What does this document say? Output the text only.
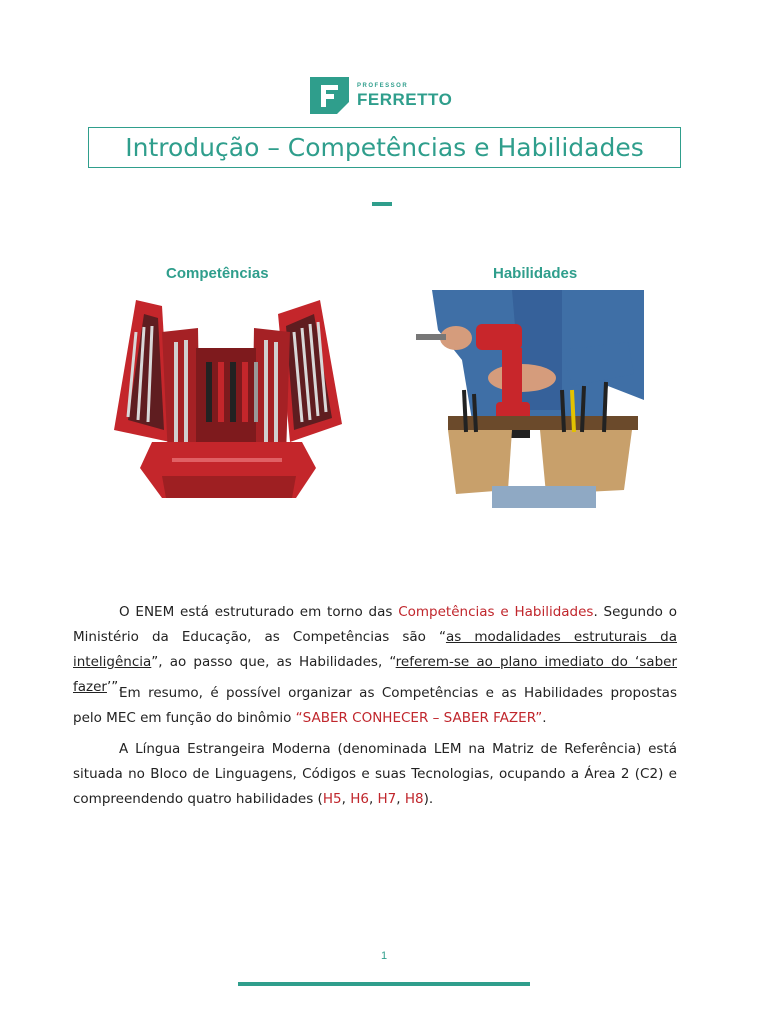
PROFESSOR
FERRETTO
Introdução – Competências e Habilidades
Competências	Habilidades

O ENEM está estruturado em torno das Competências e Habilidades. Segundo o Ministério da Educação, as Competências são “as modalidades estruturais da inteligência”, ao passo que, as Habilidades, “referem-se ao plano imediato do ‘saber fazer’”.

Em resumo, é possível organizar as Competências e as Habilidades propostas pelo MEC em função do binômio “SABER CONHECER – SABER FAZER”.

A Língua Estrangeira Moderna (denominada LEM na Matriz de Referência) está situada no Bloco de Linguagens, Códigos e suas Tecnologias, ocupando a Área 2 (C2) e compreendendo quatro habilidades (H5, H6, H7, H8).

1
